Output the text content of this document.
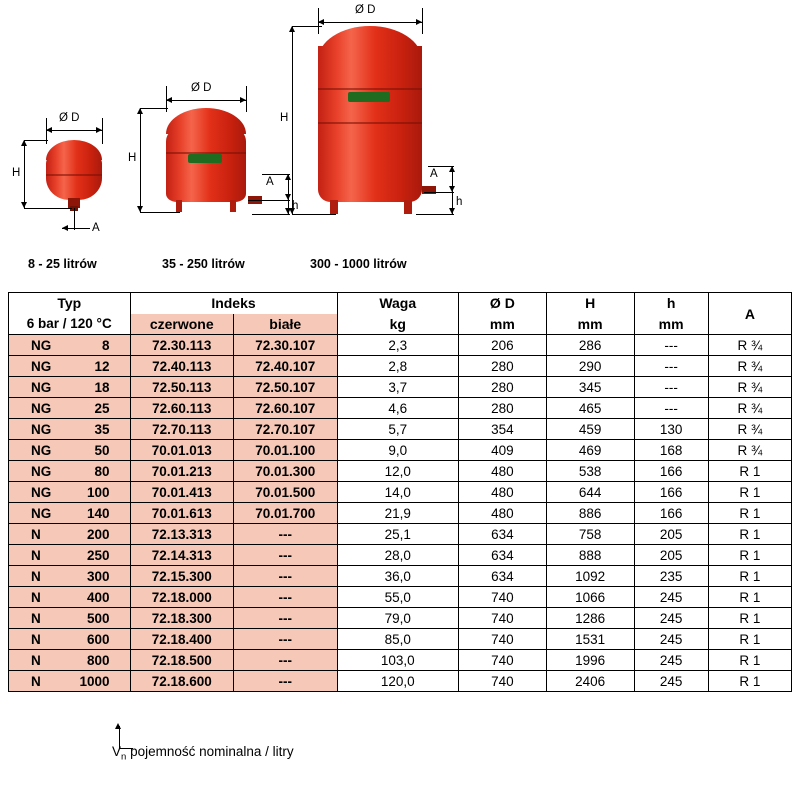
Ø D
H
A
8 - 25 litrów
Ø D
H
A
h
35 - 250 litrów
Ø D
H
A
h
300 - 1000 litrów
Typ	Indeks		Waga	Ø D	H	h	A
6 bar / 120 °C	czerwone	białe	kg	mm	mm	mm	

NG 8	72.30.113	72.30.107	2,3	206	286	---	R ¾

NG 12	72.40.113	72.40.107	2,8	280	290	---	R ¾

NG 18	72.50.113	72.50.107	3,7	280	345	---	R ¾

NG 25	72.60.113	72.60.107	4,6	280	465	---	R ¾

NG 35	72.70.113	72.70.107	5,7	354	459	130	R ¾

NG 50	70.01.013	70.01.100	9,0	409	469	168	R ¾

NG 80	70.01.213	70.01.300	12,0	480	538	166	R 1

NG 100	70.01.413	70.01.500	14,0	480	644	166	R 1

NG 140	70.01.613	70.01.700	21,9	480	886	166	R 1

N 200	72.13.313	---	25,1	634	758	205	R 1

N 250	72.14.313	---	28,0	634	888	205	R 1

N 300	72.15.300	---	36,0	634	1092	235	R 1

N 400	72.18.000	---	55,0	740	1066	245	R 1

N 500	72.18.300	---	79,0	740	1286	245	R 1

N 600	72.18.400	---	85,0	740	1531	245	R 1

N 800	72.18.500	---	103,0	740	1996	245	R 1

N 1000	72.18.600	---	120,0	740	2406	245	R 1
$V_n$ pojemność nominalna / litry
